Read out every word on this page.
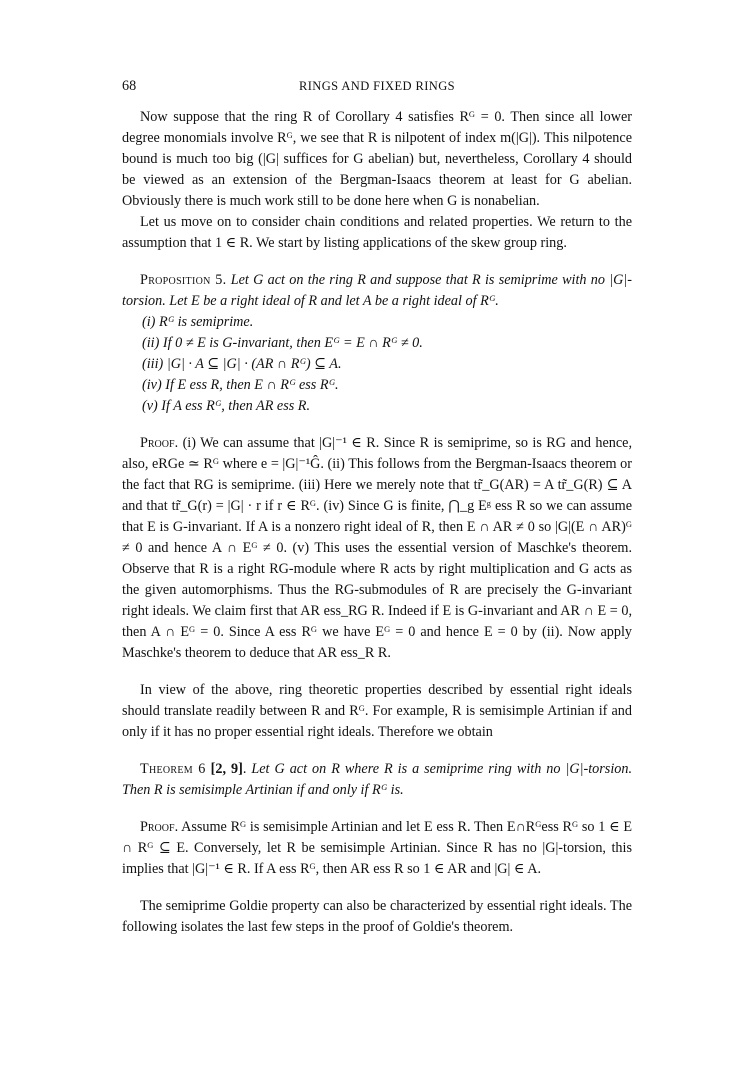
68	RINGS AND FIXED RINGS

Now suppose that the ring R of Corollary 4 satisfies Rᴳ = 0. Then since all lower degree monomials involve Rᴳ, we see that R is nilpotent of index m(|G|). This nilpotence bound is much too big (|G| suffices for G abelian) but, nevertheless, Corollary 4 should be viewed as an extension of the Bergman-Isaacs theorem at least for G abelian. Obviously there is much work still to be done here when G is nonabelian.

Let us move on to consider chain conditions and related properties. We return to the assumption that 1 ∈ R. We start by listing applications of the skew group ring.

Proposition 5. Let G act on the ring R and suppose that R is semiprime with no |G|-torsion. Let E be a right ideal of R and let A be a right ideal of Rᴳ.

(i) Rᴳ is semiprime.

(ii) If 0 ≠ E is G-invariant, then Eᴳ = E ∩ Rᴳ ≠ 0.

(iii) |G| · A ⊆ |G| · (AR ∩ Rᴳ) ⊆ A.

(iv) If E ess R, then E ∩ Rᴳ ess Rᴳ.

(v) If A ess Rᴳ, then AR ess R.

Proof. (i) We can assume that |G|⁻¹ ∈ R. Since R is semiprime, so is RG and hence, also, eRGe ≃ Rᴳ where e = |G|⁻¹Ĝ. (ii) This follows from the Bergman-Isaacs theorem or the fact that RG is semiprime. (iii) Here we merely note that tr̃_G(AR) = A tr̃_G(R) ⊆ A and that tr̃_G(r) = |G| · r if r ∈ Rᴳ. (iv) Since G is finite, ⋂_g Eᵍ ess R so we can assume that E is G-invariant. If A is a nonzero right ideal of R, then E ∩ AR ≠ 0 so |G|(E ∩ AR)ᴳ ≠ 0 and hence A ∩ Eᴳ ≠ 0. (v) This uses the essential version of Maschke's theorem. Observe that R is a right RG-module where R acts by right multiplication and G acts as the given automorphisms. Thus the RG-submodules of R are precisely the G-invariant right ideals. We claim first that AR ess_RG R. Indeed if E is G-invariant and AR ∩ E = 0, then A ∩ Eᴳ = 0. Since A ess Rᴳ we have Eᴳ = 0 and hence E = 0 by (ii). Now apply Maschke's theorem to deduce that AR ess_R R.

In view of the above, ring theoretic properties described by essential right ideals should translate readily between R and Rᴳ. For example, R is semisimple Artinian if and only if it has no proper essential right ideals. Therefore we obtain

Theorem 6 [2, 9]. Let G act on R where R is a semiprime ring with no |G|-torsion. Then R is semisimple Artinian if and only if Rᴳ is.

Proof. Assume Rᴳ is semisimple Artinian and let E ess R. Then E∩Rᴳess Rᴳ so 1 ∈ E ∩ Rᴳ ⊆ E. Conversely, let R be semisimple Artinian. Since R has no |G|-torsion, this implies that |G|⁻¹ ∈ R. If A ess Rᴳ, then AR ess R so 1 ∈ AR and |G| ∈ A.

The semiprime Goldie property can also be characterized by essential right ideals. The following isolates the last few steps in the proof of Goldie's theorem.
